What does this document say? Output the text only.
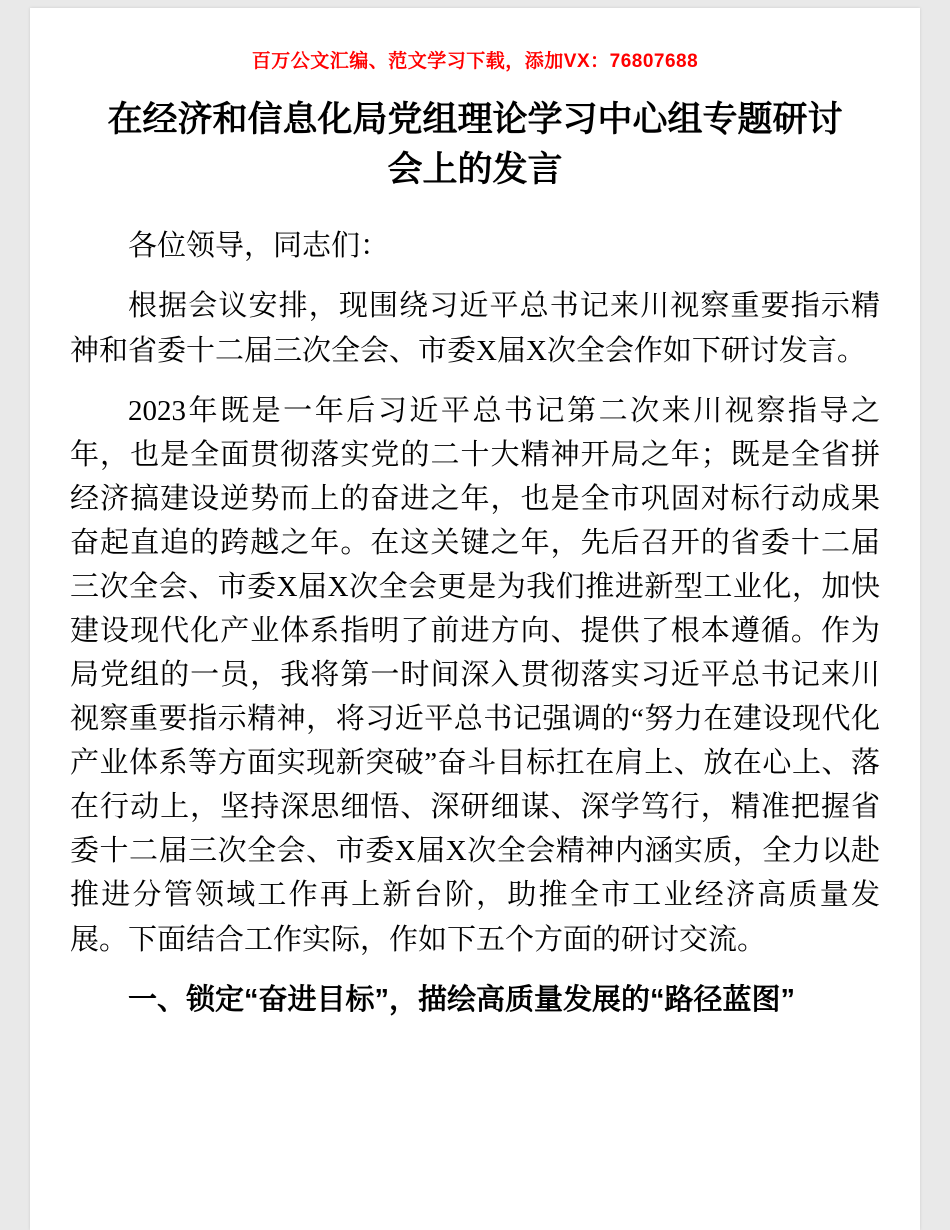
百万公文汇编、范文学习下载，添加VX：76807688
在经济和信息化局党组理论学习中心组专题研讨会上的发言

各位领导，同志们：

根据会议安排，现围绕习近平总书记来川视察重要指示精神和省委十二届三次全会、市委X届X次全会作如下研讨发言。

2023年既是一年后习近平总书记第二次来川视察指导之年，也是全面贯彻落实党的二十大精神开局之年；既是全省拼经济搞建设逆势而上的奋进之年，也是全市巩固对标行动成果奋起直追的跨越之年。在这关键之年，先后召开的省委十二届三次全会、市委X届X次全会更是为我们推进新型工业化，加快建设现代化产业体系指明了前进方向、提供了根本遵循。作为局党组的一员，我将第一时间深入贯彻落实习近平总书记来川视察重要指示精神，将习近平总书记强调的“努力在建设现代化产业体系等方面实现新突破”奋斗目标扛在肩上、放在心上、落在行动上，坚持深思细悟、深研细谋、深学笃行，精准把握省委十二届三次全会、市委X届X次全会精神内涵实质，全力以赴推进分管领域工作再上新台阶，助推全市工业经济高质量发展。下面结合工作实际，作如下五个方面的研讨交流。

一、锁定“奋进目标”，描绘高质量发展的“路径蓝图”
